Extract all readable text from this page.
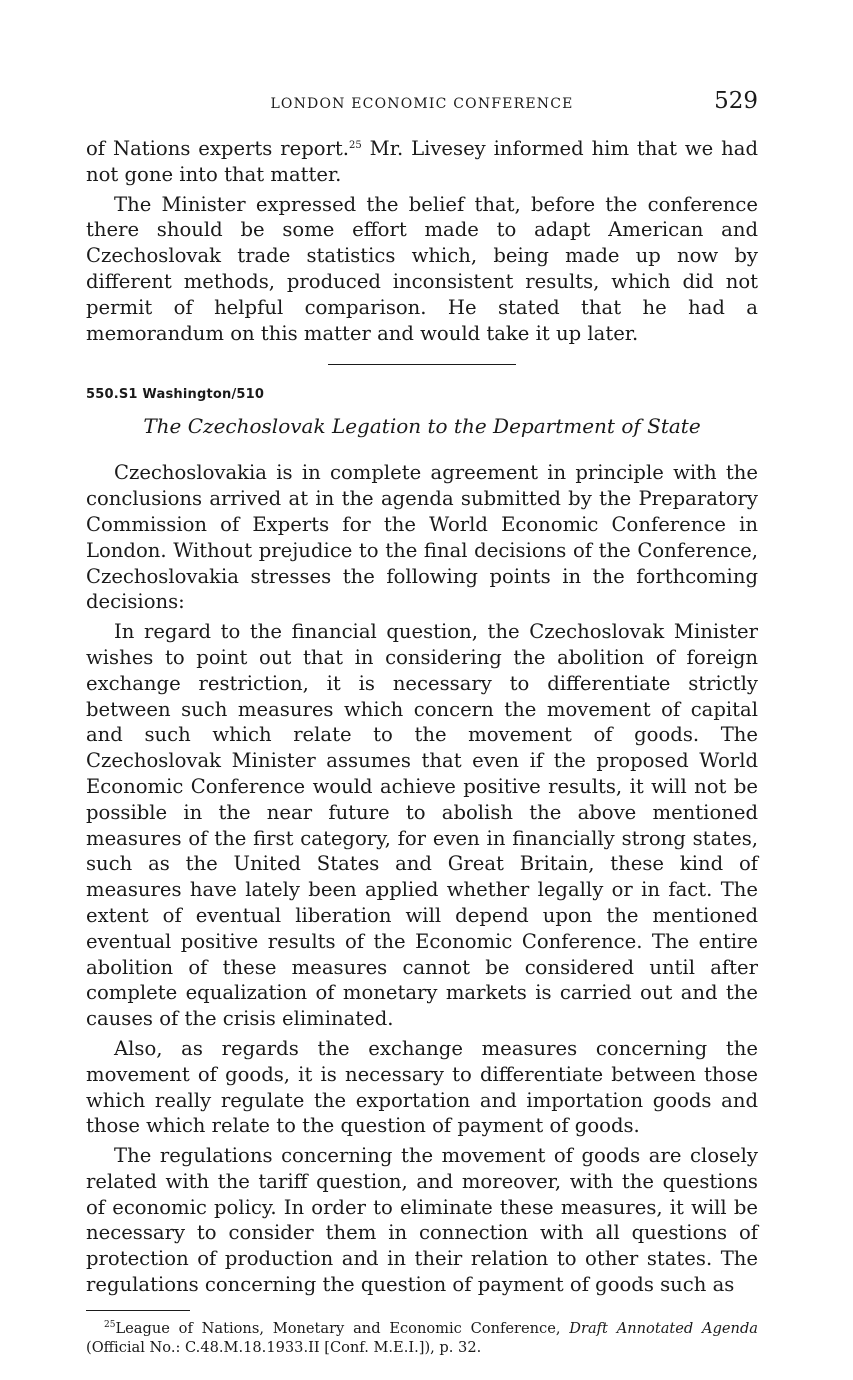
LONDON ECONOMIC CONFERENCE	529

of Nations experts report.$^{25}$ Mr. Livesey informed him that we had not gone into that matter.

The Minister expressed the belief that, before the conference there should be some effort made to adapt American and Czechoslovak trade statistics which, being made up now by different methods, produced inconsistent results, which did not permit of helpful comparison. He stated that he had a memorandum on this matter and would take it up later.

550.S1 Washington/510
The Czechoslovak Legation to the Department of State

Czechoslovakia is in complete agreement in principle with the conclusions arrived at in the agenda submitted by the Preparatory Commission of Experts for the World Economic Conference in London. Without prejudice to the final decisions of the Conference, Czechoslovakia stresses the following points in the forthcoming decisions:

In regard to the financial question, the Czechoslovak Minister wishes to point out that in considering the abolition of foreign exchange restriction, it is necessary to differentiate strictly between such measures which concern the movement of capital and such which relate to the movement of goods. The Czechoslovak Minister assumes that even if the proposed World Economic Conference would achieve positive results, it will not be possible in the near future to abolish the above mentioned measures of the first category, for even in financially strong states, such as the United States and Great Britain, these kind of measures have lately been applied whether legally or in fact. The extent of eventual liberation will depend upon the mentioned eventual positive results of the Economic Conference. The entire abolition of these measures cannot be considered until after complete equalization of monetary markets is carried out and the causes of the crisis eliminated.

Also, as regards the exchange measures concerning the movement of goods, it is necessary to differentiate between those which really regulate the exportation and importation goods and those which relate to the question of payment of goods.

The regulations concerning the movement of goods are closely related with the tariff question, and moreover, with the questions of economic policy. In order to eliminate these measures, it will be necessary to consider them in connection with all questions of protection of production and in their relation to other states. The regulations concerning the question of payment of goods such as

$^{25}$League of Nations, Monetary and Economic Conference, Draft Annotated Agenda (Official No.: C.48.M.18.1933.II [Conf. M.E.I.]), p. 32.
